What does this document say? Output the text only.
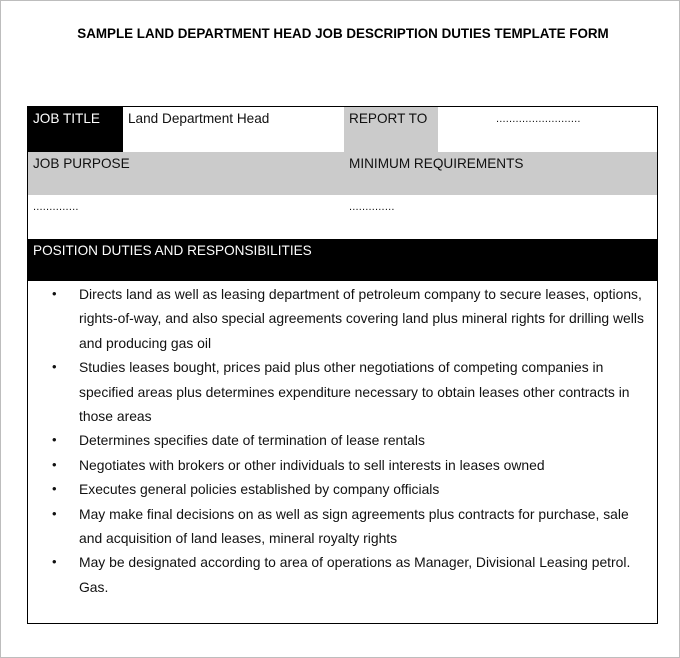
SAMPLE LAND DEPARTMENT HEAD JOB DESCRIPTION DUTIES TEMPLATE FORM
JOB TITLE	Land Department Head	REPORT TO	..........................
JOB PURPOSE	MINIMUM REQUIREMENTS
..............	..............
POSITION DUTIES AND RESPONSIBILITIES
• Directs land as well as leasing department of petroleum company to secure leases, options, rights-of-way, and also special agreements covering land plus mineral rights for drilling wells and producing gas oil
• Studies leases bought, prices paid plus other negotiations of competing companies in specified areas plus determines expenditure necessary to obtain leases other contracts in those areas
• Determines specifies date of termination of lease rentals
• Negotiates with brokers or other individuals to sell interests in leases owned
• Executes general policies established by company officials
• May make final decisions on as well as sign agreements plus contracts for purchase, sale and acquisition of land leases, mineral royalty rights
• May be designated according to area of operations as Manager, Divisional Leasing petrol. Gas.
